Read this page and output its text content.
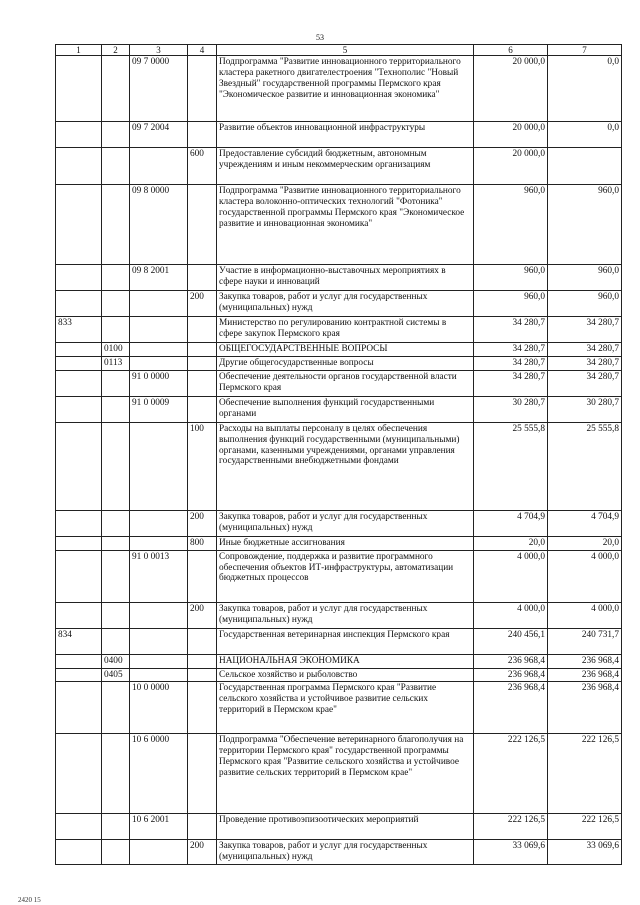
53
1	2	3	4	5	6	7
		09 7 0000		Подпрограмма "Развитие инновационного территориального кластера ракетного двигателестроения "Технополис "Новый Звездный" государственной программы Пермского края "Экономическое развитие и инновационная экономика"	20 000,0	0,0
		09 7 2004		Развитие объектов инновационной инфраструктуры	20 000,0	0,0
			600	Предоставление субсидий бюджетным, автономным учреждениям и иным некоммерческим организациям	20 000,0	
		09 8 0000		Подпрограмма "Развитие инновационного территориального кластера волоконно-оптических технологий "Фотоника" государственной программы Пермского края "Экономическое развитие и инновационная экономика"	960,0	960,0
		09 8 2001		Участие в информационно-выставочных мероприятиях в сфере науки и инноваций	960,0	960,0
			200	Закупка товаров, работ и услуг для государственных (муниципальных) нужд	960,0	960,0
833				Министерство по регулированию контрактной системы в сфере закупок Пермского края	34 280,7	34 280,7
	0100			ОБЩЕГОСУДАРСТВЕННЫЕ ВОПРОСЫ	34 280,7	34 280,7
	0113			Другие общегосударственные вопросы	34 280,7	34 280,7
		91 0 0000		Обеспечение деятельности органов государственной власти Пермского края	34 280,7	34 280,7
		91 0 0009		Обеспечение выполнения функций государственными органами	30 280,7	30 280,7
			100	Расходы на выплаты персоналу в целях обеспечения выполнения функций государственными (муниципальными) органами, казенными учреждениями, органами управления государственными внебюджетными фондами	25 555,8	25 555,8
			200	Закупка товаров, работ и услуг для государственных (муниципальных) нужд	4 704,9	4 704,9
			800	Иные бюджетные ассигнования	20,0	20,0
		91 0 0013		Сопровождение, поддержка и развитие программного обеспечения объектов ИТ-инфраструктуры, автоматизации бюджетных процессов	4 000,0	4 000,0
			200	Закупка товаров, работ и услуг для государственных (муниципальных) нужд	4 000,0	4 000,0
834				Государственная ветеринарная инспекция Пермского края	240 456,1	240 731,7
	0400			НАЦИОНАЛЬНАЯ ЭКОНОМИКА	236 968,4	236 968,4
	0405			Сельское хозяйство и рыболовство	236 968,4	236 968,4
		10 0 0000		Государственная программа Пермского края "Развитие сельского хозяйства и устойчивое развитие сельских территорий в Пермском крае"	236 968,4	236 968,4
		10 6 0000		Подпрограмма "Обеспечение ветеринарного благополучия на территории Пермского края" государственной программы Пермского края "Развитие сельского хозяйства и устойчивое развитие сельских территорий в Пермском крае"	222 126,5	222 126,5
		10 6 2001		Проведение противоэпизоотических мероприятий	222 126,5	222 126,5
			200	Закупка товаров, работ и услуг для государственных (муниципальных) нужд	33 069,6	33 069,6
2420 15
